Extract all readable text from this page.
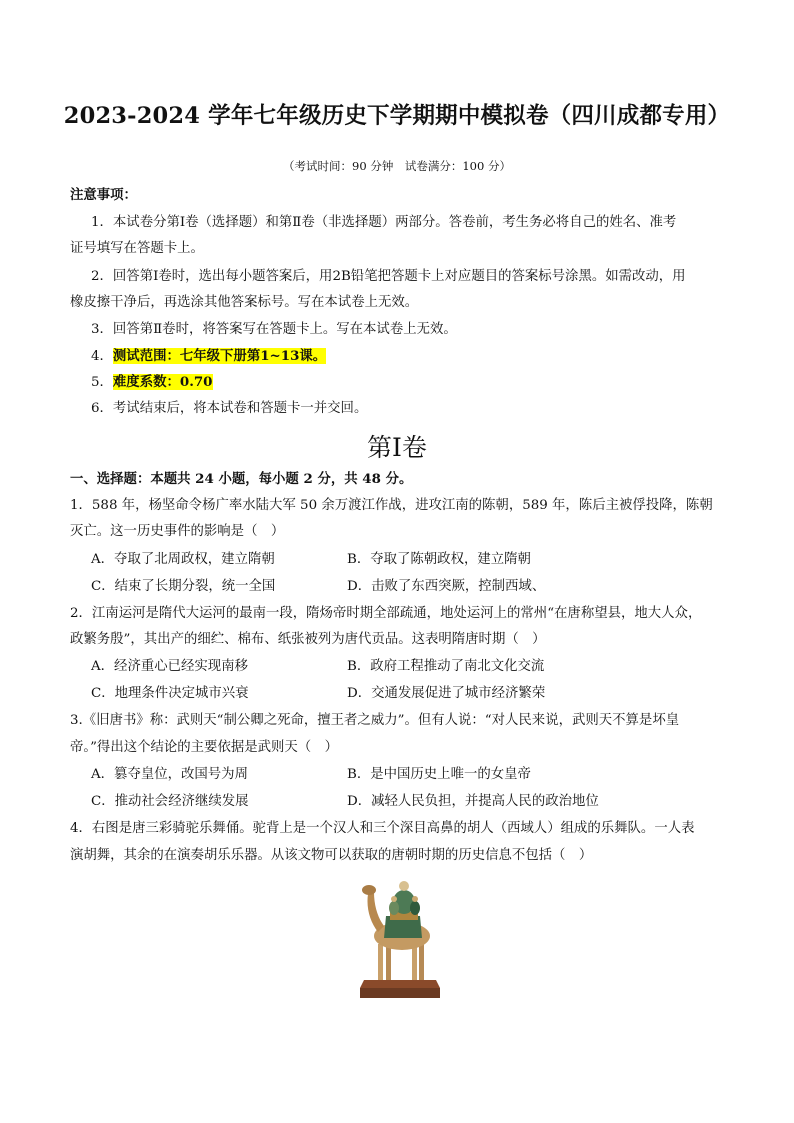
2023-2024 学年七年级历史下学期期中模拟卷（四川成都专用）
（考试时间：90 分钟　试卷满分：100 分）
注意事项：
1．本试卷分第Ⅰ卷（选择题）和第Ⅱ卷（非选择题）两部分。答卷前，考生务必将自己的姓名、准考
证号填写在答题卡上。
2．回答第Ⅰ卷时，选出每小题答案后，用2B铅笔把答题卡上对应题目的答案标号涂黑。如需改动，用
橡皮擦干净后，再选涂其他答案标号。写在本试卷上无效。
3．回答第Ⅱ卷时，将答案写在答题卡上。写在本试卷上无效。
4．测试范围：七年级下册第1~13课。
5．难度系数：0.70
6．考试结束后，将本试卷和答题卡一并交回。
第Ⅰ卷
一、选择题：本题共 24 小题，每小题 2 分，共 48 分。
1．588 年，杨坚命令杨广率水陆大军 50 余万渡江作战，进攻江南的陈朝，589 年，陈后主被俘投降，陈朝
灭亡。这一历史事件的影响是（　）
A．夺取了北周政权，建立隋朝	B．夺取了陈朝政权，建立隋朝
C．结束了长期分裂，统一全国	D．击败了东西突厥，控制西域、
2．江南运河是隋代大运河的最南一段，隋炀帝时期全部疏通，地处运河上的常州“在唐称望县，地大人众，
政繁务殷”，其出产的细纻、棉布、纸张被列为唐代贡品。这表明隋唐时期（　）
A．经济重心已经实现南移	B．政府工程推动了南北文化交流
C．地理条件决定城市兴衰	D．交通发展促进了城市经济繁荣
3.《旧唐书》称：武则天“制公卿之死命，擅王者之威力”。但有人说：“对人民来说，武则天不算是坏皇
帝。”得出这个结论的主要依据是武则天（　）
A．篡夺皇位，改国号为周	B．是中国历史上唯一的女皇帝
C．推动社会经济继续发展	D．减轻人民负担，并提高人民的政治地位
4．右图是唐三彩骑驼乐舞俑。驼背上是一个汉人和三个深目高鼻的胡人（西域人）组成的乐舞队。一人表
演胡舞，其余的在演奏胡乐乐器。从该文物可以获取的唐朝时期的历史信息不包括（　）
